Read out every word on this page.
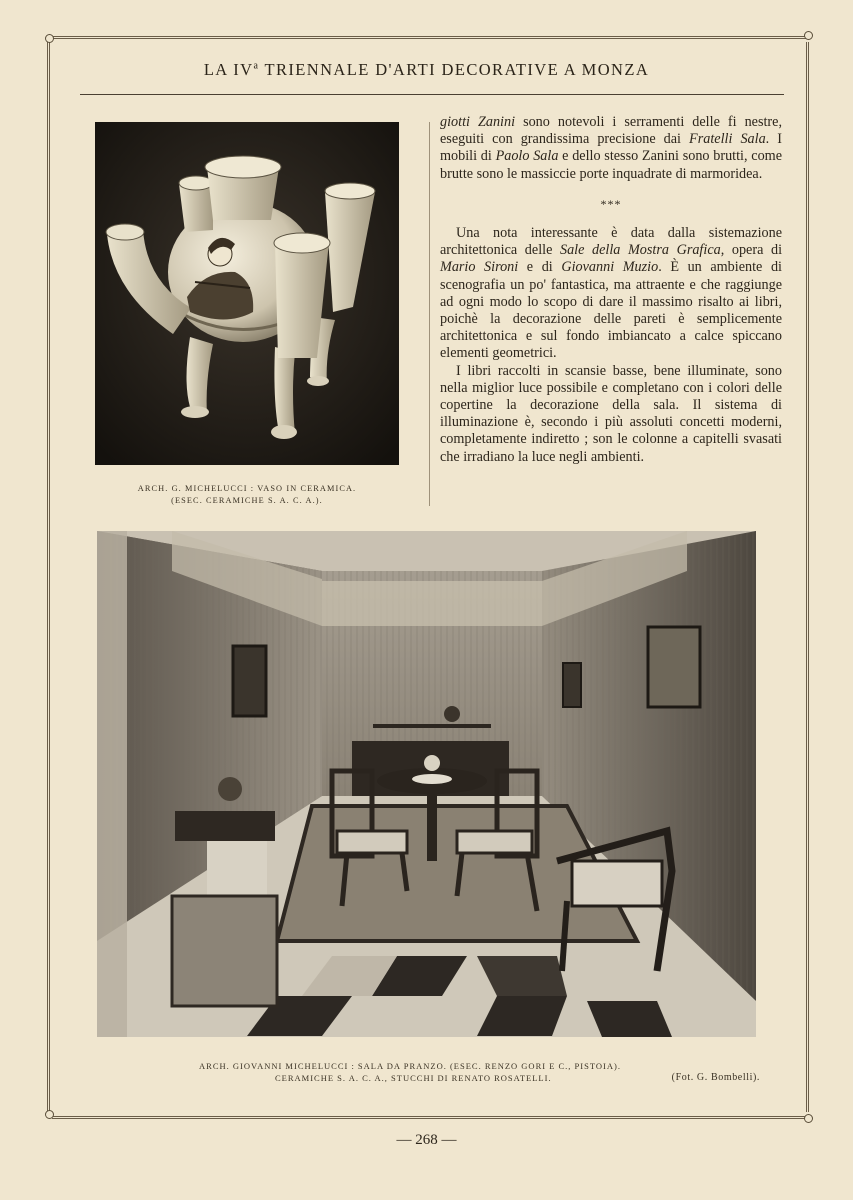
LA $IV^a$ TRIENNALE D'ARTI DECORATIVE A MONZA
ARCH. G. MICHELUCCI : VASO IN CERAMICA.
(ESEC. CERAMICHE S. A. C. A.).

giotti Zanini sono notevoli i serramenti delle fi nestre, eseguiti con grandissima precisione dai Fratelli Sala. I mobili di Paolo Sala e dello stesso Zanini sono brutti, come brutte sono le massiccie porte inquadrate di marmoridea.

***

Una nota interessante è data dalla sistemazione architettonica delle Sale della Mostra Grafica, opera di Mario Sironi e di Giovanni Muzio. È un ambiente di scenografia un po' fantastica, ma attraente e che raggiunge ad ogni modo lo scopo di dare il massimo risalto ai libri, poichè la decorazione delle pareti è semplicemente architettonica e sul fondo imbiancato a calce spiccano elementi geometrici.

I libri raccolti in scansie basse, bene illuminate, sono nella miglior luce possibile e completano con i colori delle copertine la decorazione della sala. Il sistema di illuminazione è, secondo i più assoluti concetti moderni, completamente indiretto ; son le colonne a capitelli svasati che irradiano la luce negli ambienti.

ARCH. GIOVANNI MICHELUCCI : SALA DA PRANZO. (ESEC. RENZO GORI E C., PISTOIA).
CERAMICHE S. A. C. A., STUCCHI DI RENATO ROSATELLI.	(Fot. G. Bombelli).
— 268 —
